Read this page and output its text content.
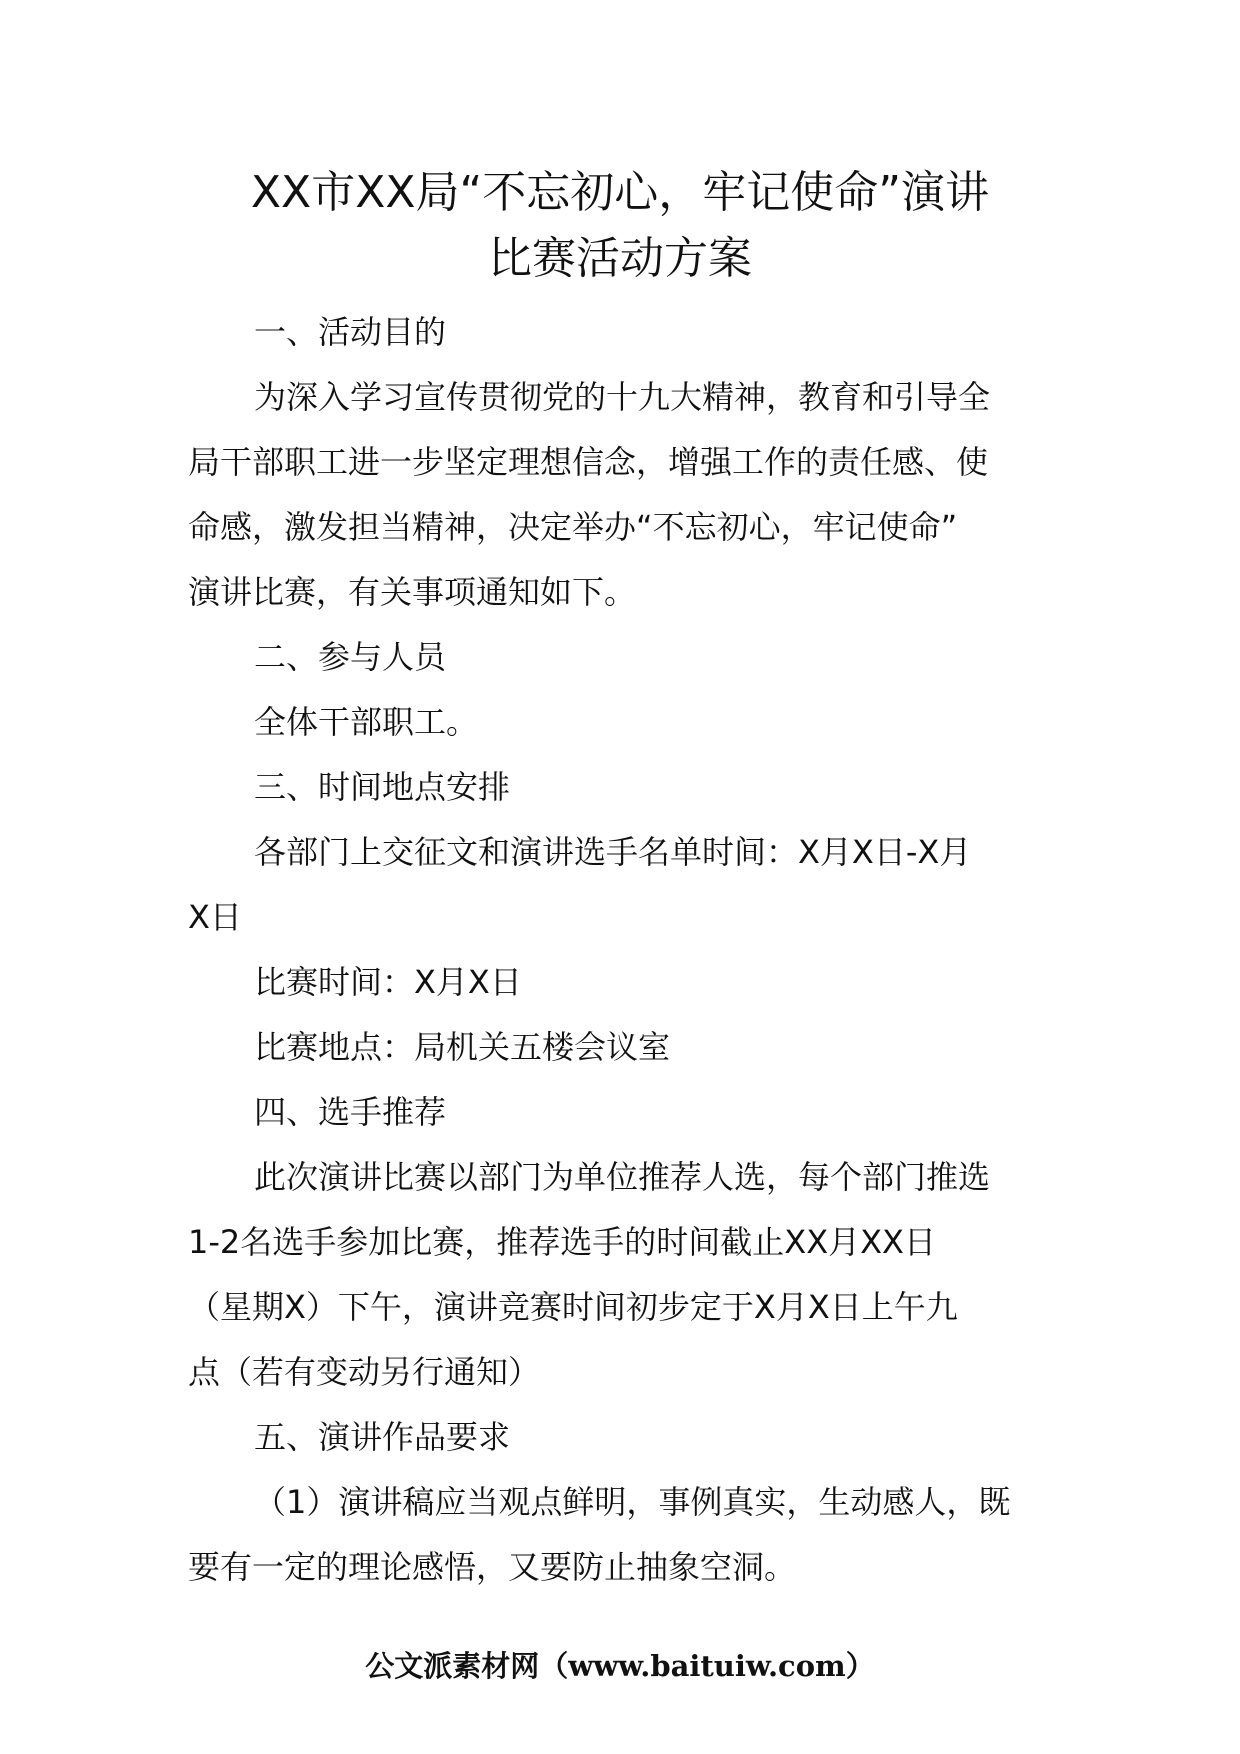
XX市XX局“不忘初心，牢记使命”演讲
比赛活动方案

一、活动目的

为深入学习宣传贯彻党的十九大精神，教育和引导全

局干部职工进一步坚定理想信念，增强工作的责任感、使

命感，激发担当精神，决定举办“不忘初心，牢记使命”

演讲比赛，有关事项通知如下。

二、参与人员

全体干部职工。

三、时间地点安排

各部门上交征文和演讲选手名单时间：X月X日-X月

X日

比赛时间：X月X日

比赛地点：局机关五楼会议室

四、选手推荐

此次演讲比赛以部门为单位推荐人选，每个部门推选

1-2名选手参加比赛，推荐选手的时间截止XX月XX日

（星期X）下午，演讲竞赛时间初步定于X月X日上午九

点（若有变动另行通知）

五、演讲作品要求

（1）演讲稿应当观点鲜明，事例真实，生动感人，既

要有一定的理论感悟，又要防止抽象空洞。

公文派素材网（www.baituiw.com）
